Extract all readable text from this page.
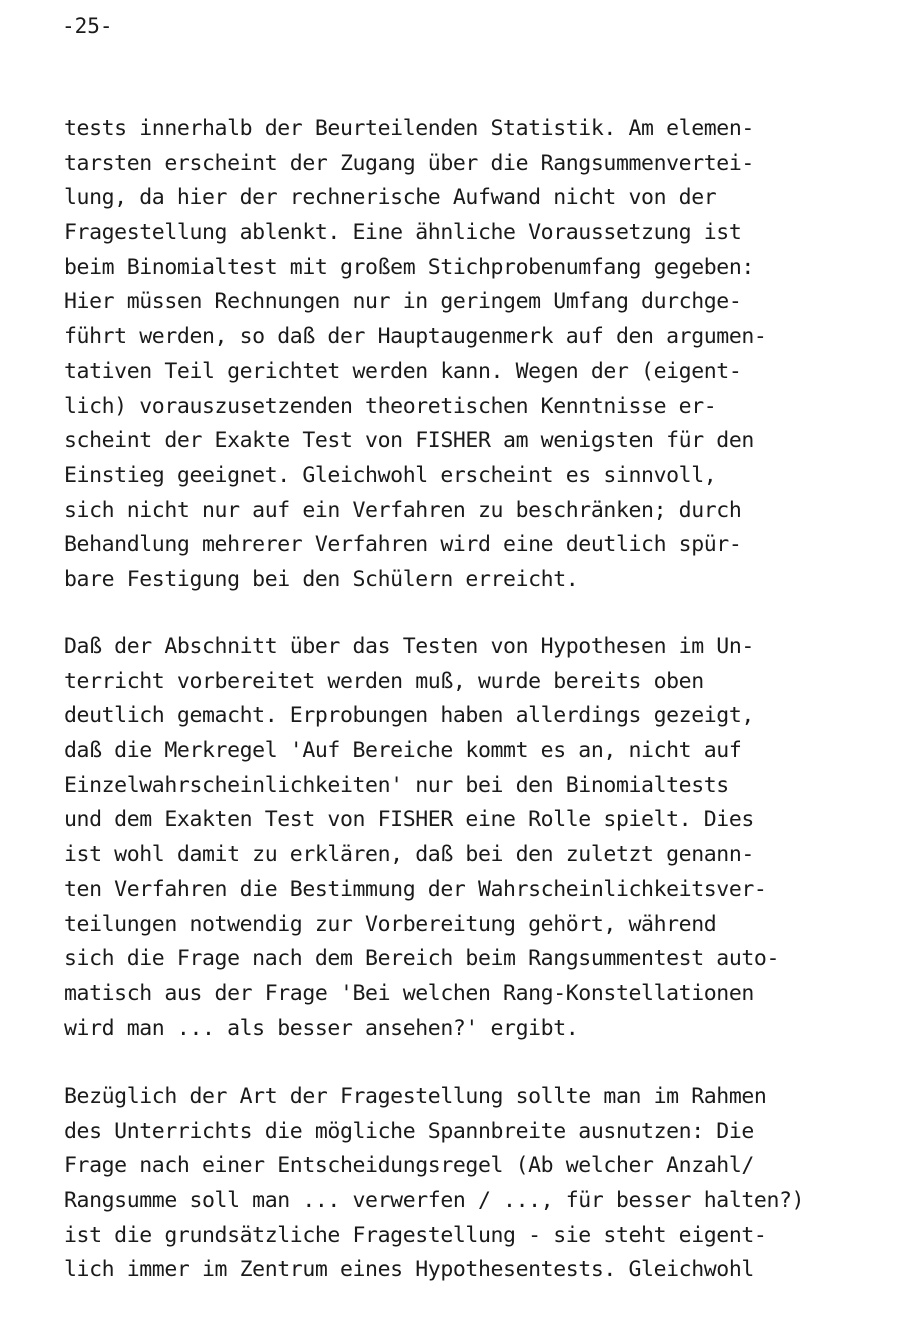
-25-
tests innerhalb der Beurteilenden Statistik. Am elemen-
tarsten erscheint der Zugang über die Rangsummenvertei-
lung, da hier der rechnerische Aufwand nicht von der
Fragestellung ablenkt. Eine ähnliche Voraussetzung ist
beim Binomialtest mit großem Stichprobenumfang gegeben:
Hier müssen Rechnungen nur in geringem Umfang durchge-
führt werden, so daß der Hauptaugenmerk auf den argumen-
tativen Teil gerichtet werden kann. Wegen der (eigent-
lich) vorauszusetzenden theoretischen Kenntnisse er-
scheint der Exakte Test von FISHER am wenigsten für den
Einstieg geeignet. Gleichwohl erscheint es sinnvoll,
sich nicht nur auf ein Verfahren zu beschränken; durch
Behandlung mehrerer Verfahren wird eine deutlich spür-
bare Festigung bei den Schülern erreicht.
Daß der Abschnitt über das Testen von Hypothesen im Un-
terricht vorbereitet werden muß, wurde bereits oben
deutlich gemacht. Erprobungen haben allerdings gezeigt,
daß die Merkregel 'Auf Bereiche kommt es an, nicht auf
Einzelwahrscheinlichkeiten' nur bei den Binomialtests
und dem Exakten Test von FISHER eine Rolle spielt. Dies
ist wohl damit zu erklären, daß bei den zuletzt genann-
ten Verfahren die Bestimmung der Wahrscheinlichkeitsver-
teilungen notwendig zur Vorbereitung gehört, während
sich die Frage nach dem Bereich beim Rangsummentest auto-
matisch aus der Frage 'Bei welchen Rang-Konstellationen
wird man ... als besser ansehen?' ergibt.
Bezüglich der Art der Fragestellung sollte man im Rahmen
des Unterrichts die mögliche Spannbreite ausnutzen: Die
Frage nach einer Entscheidungsregel (Ab welcher Anzahl/
Rangsumme soll man ... verwerfen / ..., für besser halten?)
ist die grundsätzliche Fragestellung - sie steht eigent-
lich immer im Zentrum eines Hypothesentests. Gleichwohl
